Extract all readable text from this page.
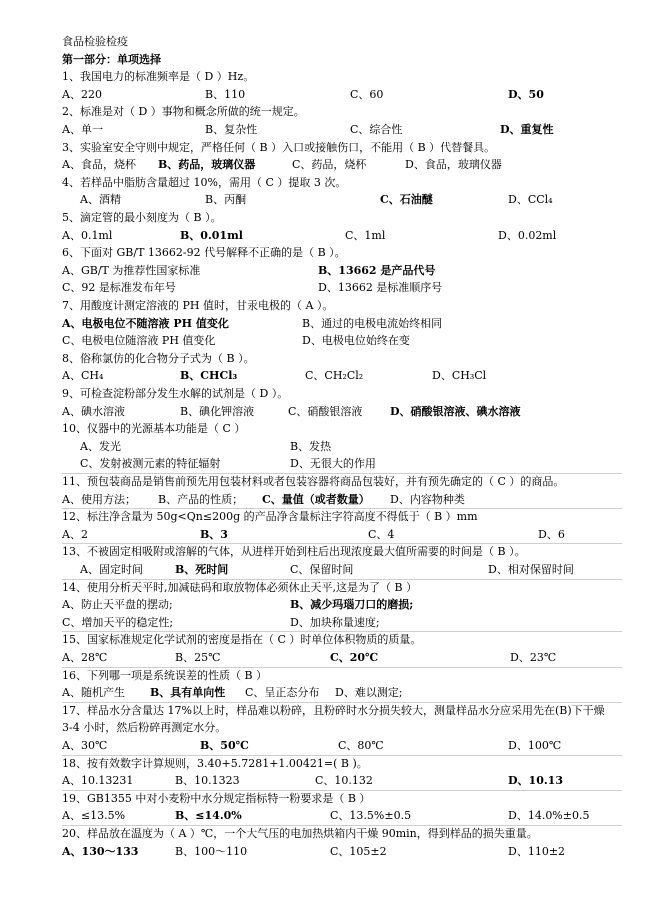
食品检验检疫
第一部分：单项选择
1、我国电力的标准频率是（ D ）Hz。
A、220	B、110	C、60	D、50
2、标准是对（ D ）事物和概念所做的统一规定。
A、单一	B、复杂性	C、综合性	D、重复性
3、实验室安全守则中规定，严格任何（ B ）入口或接触伤口，不能用（ B ）代替餐具。
A、食品，烧杯 B、药品，玻璃仪器	C、药品，烧杯	D、食品，玻璃仪器
4、若样品中脂肪含量超过 10%，需用（ C ）提取 3 次。
A、酒精	B、丙酮	C、石油醚	D、CCl₄
5、滴定管的最小刻度为（ B ）。
A、0.1ml	B、0.01ml	C、1ml	D、0.02ml
6、下面对 GB/T 13662-92 代号解释不正确的是（ B ）。
A、GB/T 为推荐性国家标准	B、13662 是产品代号
C、92 是标准发布年号	D、13662 是标准顺序号
7、用酸度计测定溶液的 PH 值时，甘汞电极的（ A ）。
A、电极电位不随溶液 PH 值变化	B、通过的电极电流始终相同
C、电极电位随溶液 PH 值变化	D、电极电位始终在变
8、俗称氯仿的化合物分子式为（ B ）。
A、CH₄	B、CHCl₃	C、CH₂Cl₂	D、CH₃Cl
9、可检查淀粉部分发生水解的试剂是（ D ）。
A、碘水溶液	B、碘化钾溶液	C、硝酸银溶液	D、硝酸银溶液、碘水溶液
10、仪器中的光源基本功能是（ C ）
A、发光	B、发热
C、发射被测元素的特征辐射	D、无很大的作用
11、预包装商品是销售前预先用包装材料或者包装容器将商品包装好，并有预先确定的（ C ）的商品。
A、使用方法； B、产品的性质； C、量值（或者数量） D、内容物种类
12、标注净含量为 50g<Qn≤200g 的产品净含量标注字符高度不得低于（ B ）mm
A、2	B、3	C、4	D、6
13、不被固定相吸附或溶解的气体，从进样开始到柱后出现浓度最大值所需要的时间是（ B ）。
A、固定时间	B、死时间	C、保留时间	D、相对保留时间
14、使用分析天平时,加减砝码和取放物体必须休止天平,这是为了（ B ）
A、防止天平盘的摆动;	B、减少玛瑙刀口的磨损;
C、增加天平的稳定性;	D、加块称量速度;
15、国家标准规定化学试剂的密度是指在（ C ）时单位体积物质的质量。
A、28℃	B、25℃	C、20℃	D、23℃
16、下列哪一项是系统误差的性质（ B ）
A、随机产生 B、具有单向性 C、呈正态分布 D、难以测定;
17、样品水分含量达 17%以上时，样品难以粉碎，且粉碎时水分损失较大，测量样品水分应采用先在(B)下干燥
3-4 小时，然后粉碎再测定水分。
A、30℃	B、50℃	C、80℃	D、100℃
18、按有效数字计算规则，3.40+5.7281+1.00421=( B )。
A、10.13231	B、10.1323	C、10.132	D、10.13
19、GB1355 中对小麦粉中水分规定指标特一粉要求是（ B ）
A、≤13.5%	B、≤14.0%	C、13.5%±0.5	D、14.0%±0.5
20、样品放在温度为（ A ）℃，一个大气压的电加热烘箱内干燥 90min，得到样品的损失重量。
A、130～133	B、100～110	C、105±2	D、110±2
